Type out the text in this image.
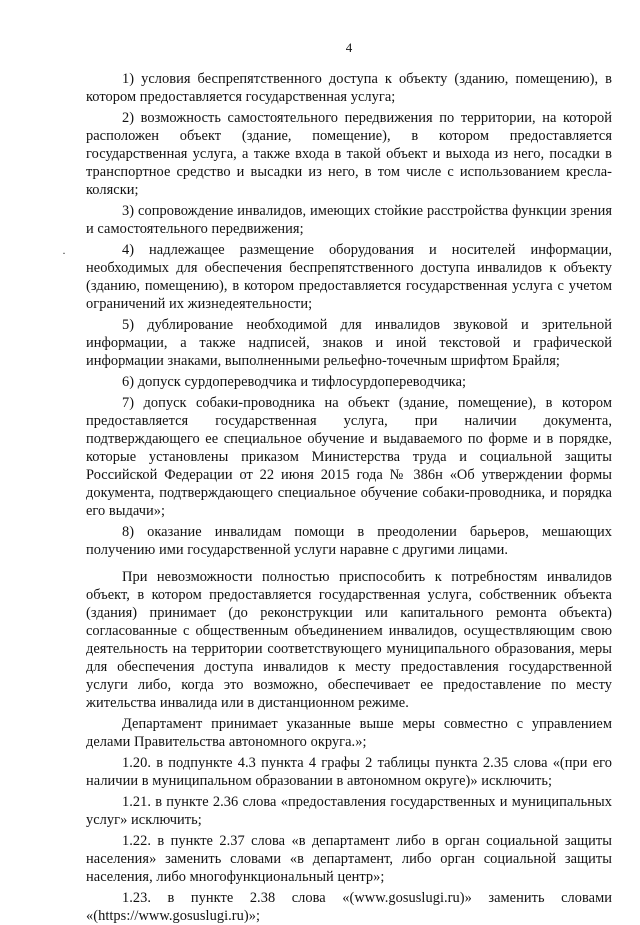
4
·

1) условия беспрепятственного доступа к объекту (зданию, помещению), в котором предоставляется государственная услуга;

2) возможность самостоятельного передвижения по территории, на которой расположен объект (здание, помещение), в котором предоставляется государственная услуга, а также входа в такой объект и выхода из него, посадки в транспортное средство и высадки из него, в том числе с использованием кресла-коляски;

3) сопровождение инвалидов, имеющих стойкие расстройства функции зрения и самостоятельного передвижения;

4) надлежащее размещение оборудования и носителей информации, необходимых для обеспечения беспрепятственного доступа инвалидов к объекту (зданию, помещению), в котором предоставляется государственная услуга с учетом ограничений их жизнедеятельности;

5) дублирование необходимой для инвалидов звуковой и зрительной информации, а также надписей, знаков и иной текстовой и графической информации знаками, выполненными рельефно-точечным шрифтом Брайля;

6) допуск сурдопереводчика и тифлосурдопереводчика;

7) допуск собаки-проводника на объект (здание, помещение), в котором предоставляется государственная услуга, при наличии документа, подтверждающего ее специальное обучение и выдаваемого по форме и в порядке, которые установлены приказом Министерства труда и социальной защиты Российской Федерации от 22 июня 2015 года № 386н «Об утверждении формы документа, подтверждающего специальное обучение собаки-проводника, и порядка его выдачи»;

8) оказание инвалидам помощи в преодолении барьеров, мешающих получению ими государственной услуги наравне с другими лицами.

При невозможности полностью приспособить к потребностям инвалидов объект, в котором предоставляется государственная услуга, собственник объекта (здания) принимает (до реконструкции или капитального ремонта объекта) согласованные с общественным объединением инвалидов, осуществляющим свою деятельность на территории соответствующего муниципального образования, меры для обеспечения доступа инвалидов к месту предоставления государственной услуги либо, когда это возможно, обеспечивает ее предоставление по месту жительства инвалида или в дистанционном режиме.

Департамент принимает указанные выше меры совместно с управлением делами Правительства автономного округа.»;

1.20. в подпункте 4.3 пункта 4 графы 2 таблицы пункта 2.35 слова «(при его наличии в муниципальном образовании в автономном округе)» исключить;

1.21. в пункте 2.36 слова «предоставления государственных и муниципальных услуг» исключить;

1.22. в пункте 2.37 слова «в департамент либо в орган социальной защиты населения» заменить словами «в департамент, либо орган социальной защиты населения, либо многофункциональный центр»;

1.23. в пункте 2.38 слова «(www.gosuslugi.ru)» заменить словами «(https://www.gosuslugi.ru)»;
